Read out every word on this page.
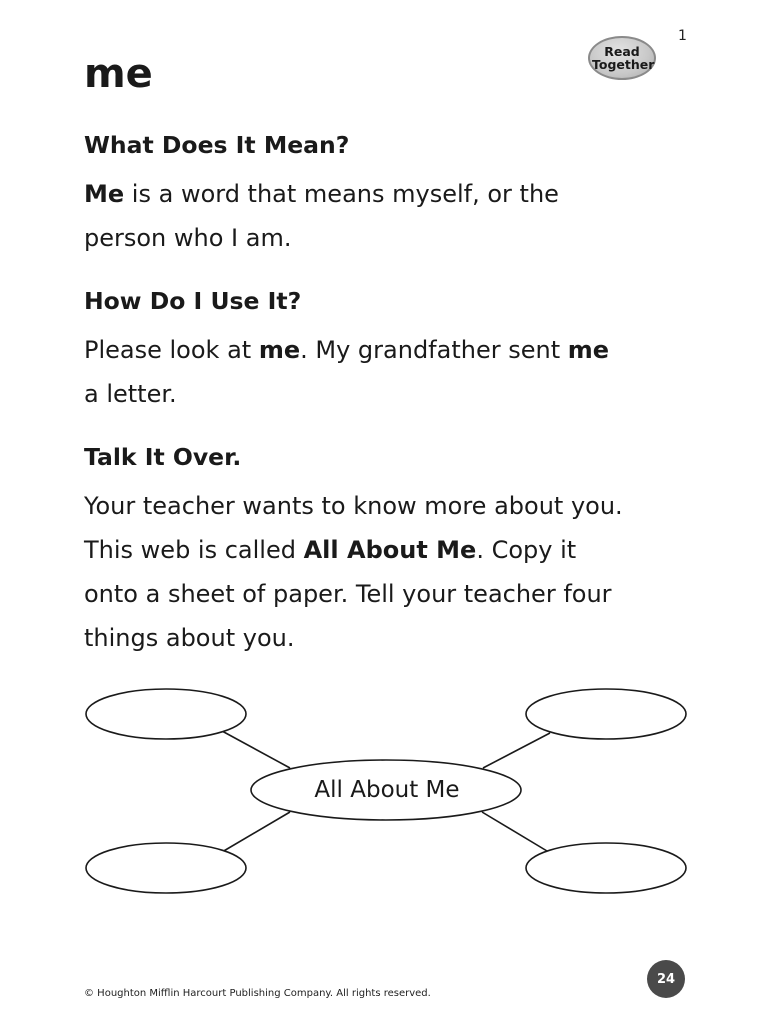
1
Read
Together
me
What Does It Mean?

Me is a word that means myself, or the
person who I am.

How Do I Use It?

Please look at me. My grandfather sent me
a letter.

Talk It Over.

Your teacher wants to know more about you.
This web is called All About Me. Copy it
onto a sheet of paper. Tell your teacher four
things about you.

All About Me
© Houghton Mifflin Harcourt Publishing Company. All rights reserved.
24
